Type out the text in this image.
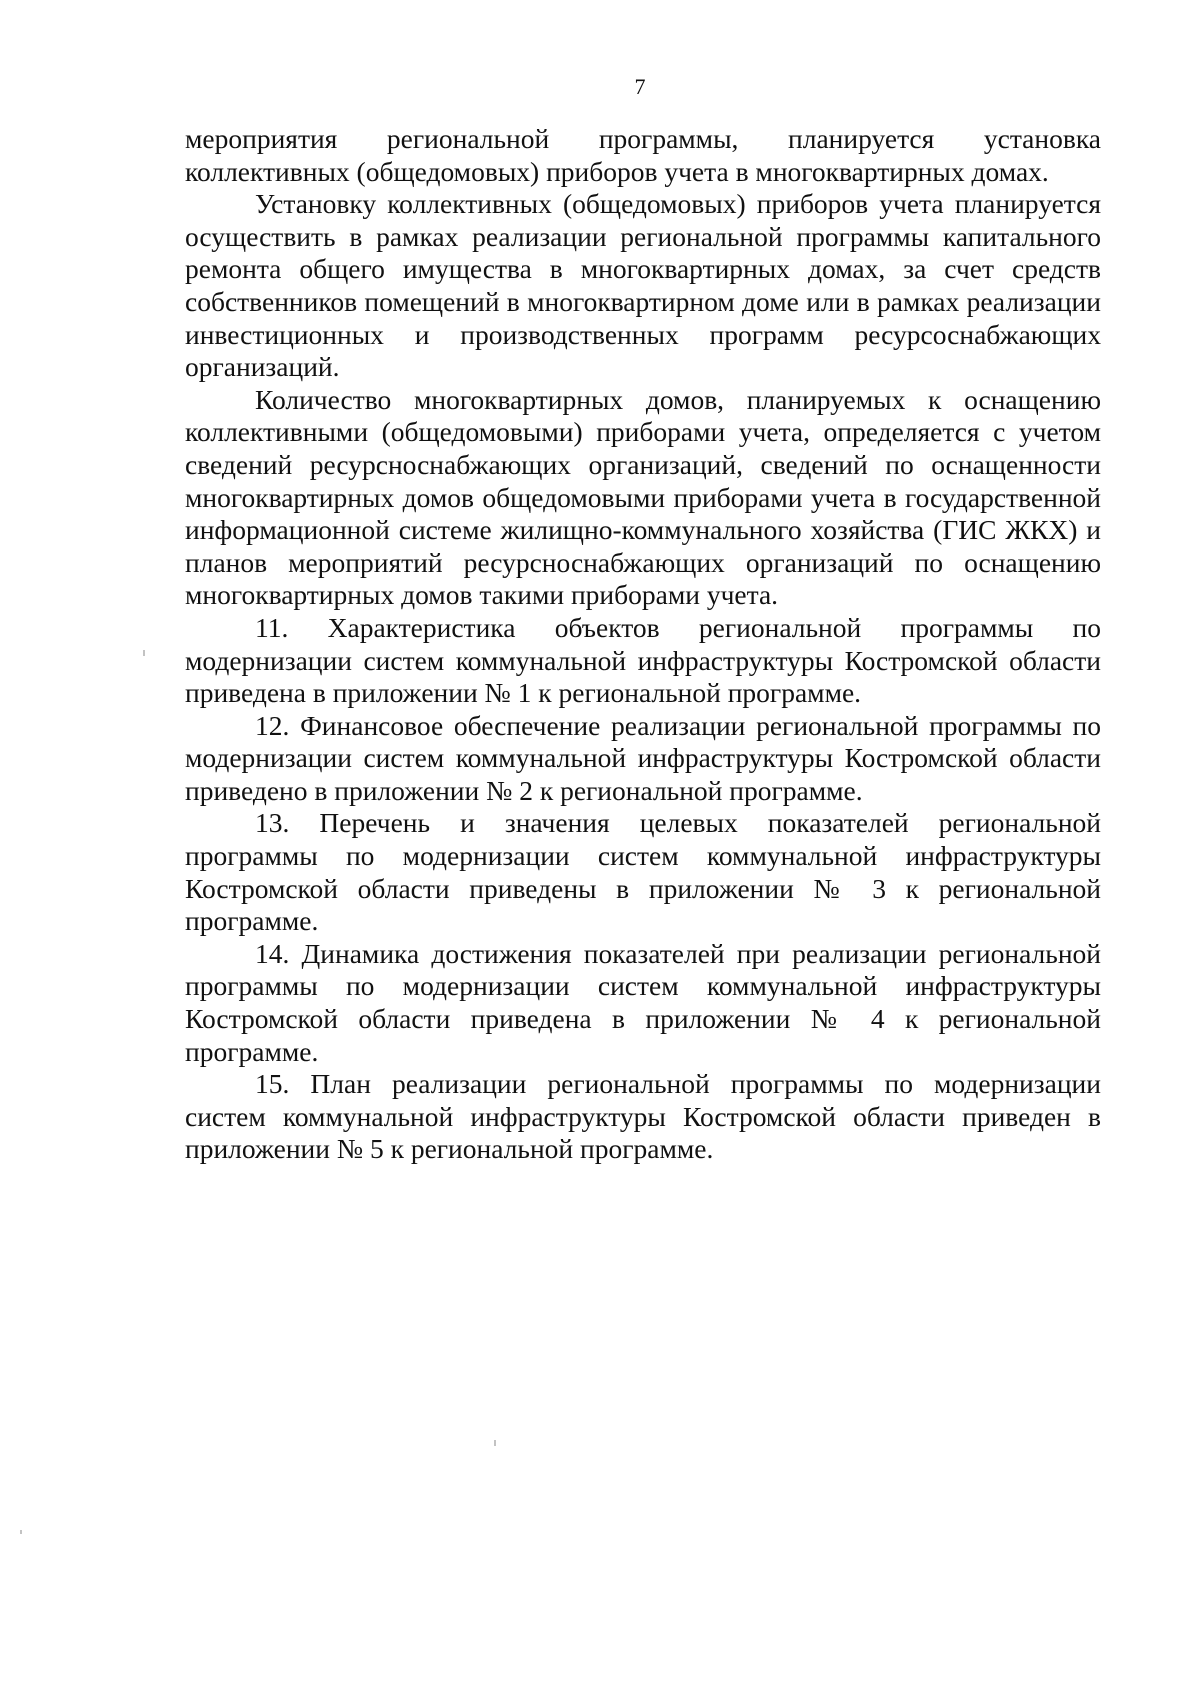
7

мероприятия региональной программы, планируется установка коллективных (общедомовых) приборов учета в многоквартирных домах.

Установку коллективных (общедомовых) приборов учета планируется осуществить в рамках реализации региональной программы капитального ремонта общего имущества в многоквартирных домах, за счет средств собственников помещений в многоквартирном доме или в рамках реализации инвестиционных и производственных программ ресурсоснабжающих организаций.

Количество многоквартирных домов, планируемых к оснащению коллективными (общедомовыми) приборами учета, определяется с учетом сведений ресурсноснабжающих организаций, сведений по оснащенности многоквартирных домов общедомовыми приборами учета в государственной информационной системе жилищно-коммунального хозяйства (ГИС ЖКХ) и планов мероприятий ресурсноснабжающих организаций по оснащению многоквартирных домов такими приборами учета.

11. Характеристика объектов региональной программы по модернизации систем коммунальной инфраструктуры Костромской области приведена в приложении № 1 к региональной программе.

12. Финансовое обеспечение реализации региональной программы по модернизации систем коммунальной инфраструктуры Костромской области приведено в приложении № 2 к региональной программе.

13. Перечень и значения целевых показателей региональной программы по модернизации систем коммунальной инфраструктуры Костромской области приведены в приложении № 3 к региональной программе.

14. Динамика достижения показателей при реализации региональной программы по модернизации систем коммунальной инфраструктуры Костромской области приведена в приложении № 4 к региональной программе.

15. План реализации региональной программы по модернизации систем коммунальной инфраструктуры Костромской области приведен в приложении № 5 к региональной программе.
